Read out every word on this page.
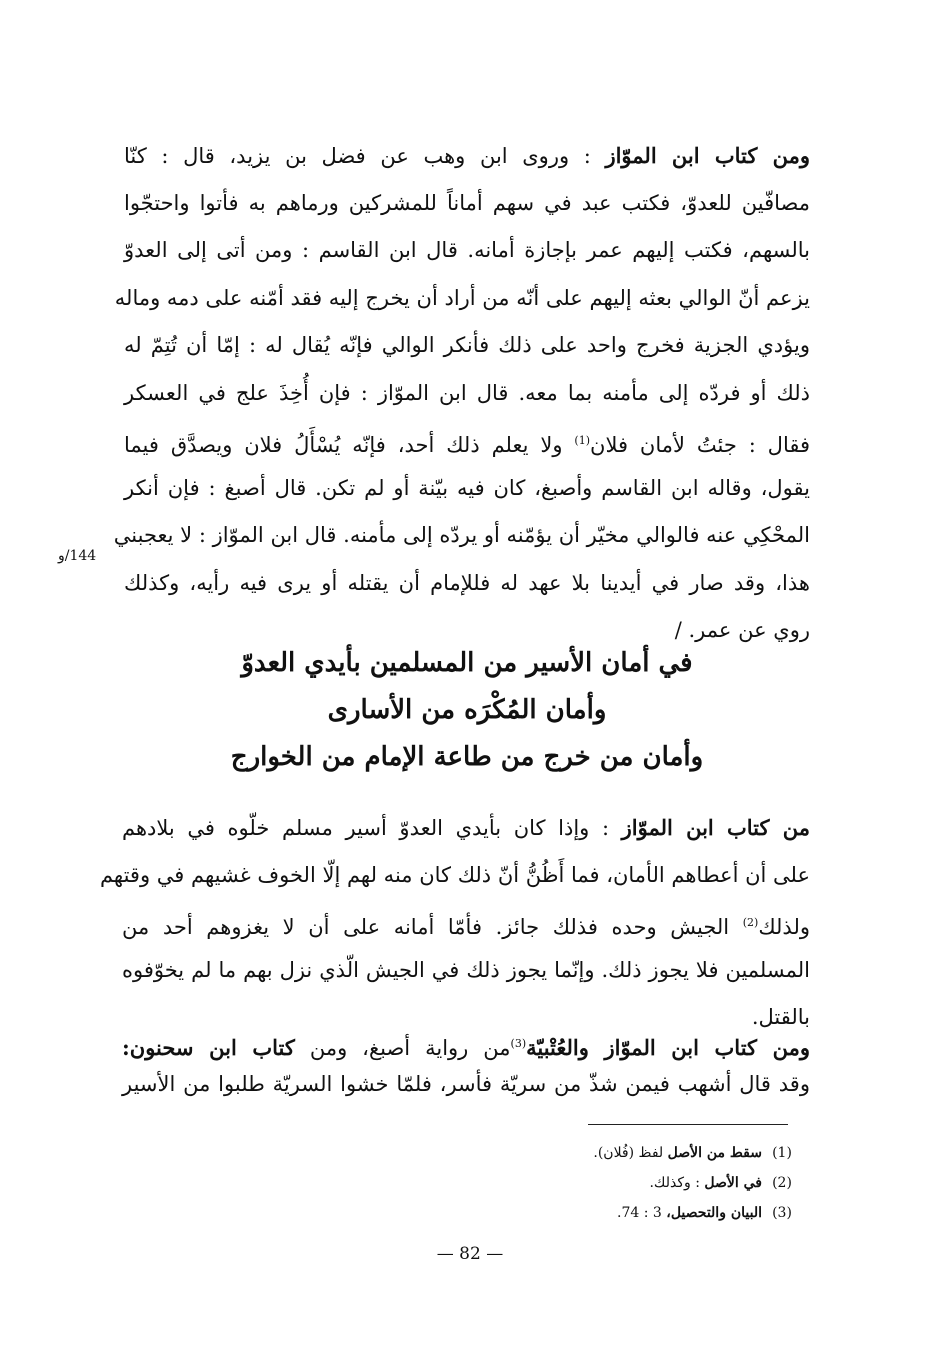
ومن كتاب ابن الموّاز : وروى ابن وهب عن فضل بن يزيد، قال : كنّا
مصافّين للعدوّ، فكتب عبد في سهم أماناً للمشركين ورماهم به فأتوا واحتجّوا
بالسهم، فكتب إليهم عمر بإجازة أمانه. قال ابن القاسم : ومن أتى إلى العدوّ
يزعم أنّ الوالي بعثه إليهم على أنّه من أراد أن يخرج إليه فقد أمّنه على دمه وماله
ويؤدي الجزية فخرج واحد على ذلك فأنكر الوالي فإنّه يُقال له : إمّا أن تُتِمّ له
ذلك أو فردّه إلى مأمنه بما معه. قال ابن الموّاز : فإن أُخِذَ علج في العسكر
فقال : جئتُ لأمان فلان$^{(1)}$ ولا يعلم ذلك أحد، فإنّه يُسْأَلُ فلان ويصدَّق فيما
يقول، وقاله ابن القاسم وأصبغ، كان فيه بيّنة أو لم تكن. قال أصبغ : فإن أنكر
المحْكِي عنه فالوالي مخيّر أن يؤمّنه أو يردّه إلى مأمنه. قال ابن الموّاز : لا يعجبني
هذا، وقد صار في أيدينا بلا عهد له فللإمام أن يقتله أو يرى فيه رأيه، وكذلك
روي عن عمر. /
144/و
في أمان الأسير من المسلمين بأيدي العدوّ
وأمان المُكْرَه من الأسارى
وأمان من خرج من طاعة الإمام من الخوارج
من كتاب ابن الموّاز : وإذا كان بأيدي العدوّ أسير مسلم خلّوه في بلادهم
على أن أعطاهم الأمان، فما أَظُنُّ أنّ ذلك كان منه لهم إلّا الخوف غشيهم في وقتهم
ولذلك$^{(2)}$ الجيش وحده فذلك جائز. فأمّا أمانه على أن لا يغزوهم أحد من
المسلمين فلا يجوز ذلك. وإنّما يجوز ذلك في الجيش الّذي نزل بهم ما لم يخوّفوه
بالقتل.
ومن كتاب ابن الموّاز والعُتْبيّة$^{(3)}$من رواية أصبغ، ومن كتاب ابن سحنون:
وقد قال أشهب فيمن شذّ من سريّة فأسر، فلمّا خشوا السريّة طلبوا من الأسير
(1)
سقط من الأصل لفظ (فُلان).
(2)
في الأصل : وكذلك.
(3)
البيان والتحصيل، 3 : 74.
— 82 —
